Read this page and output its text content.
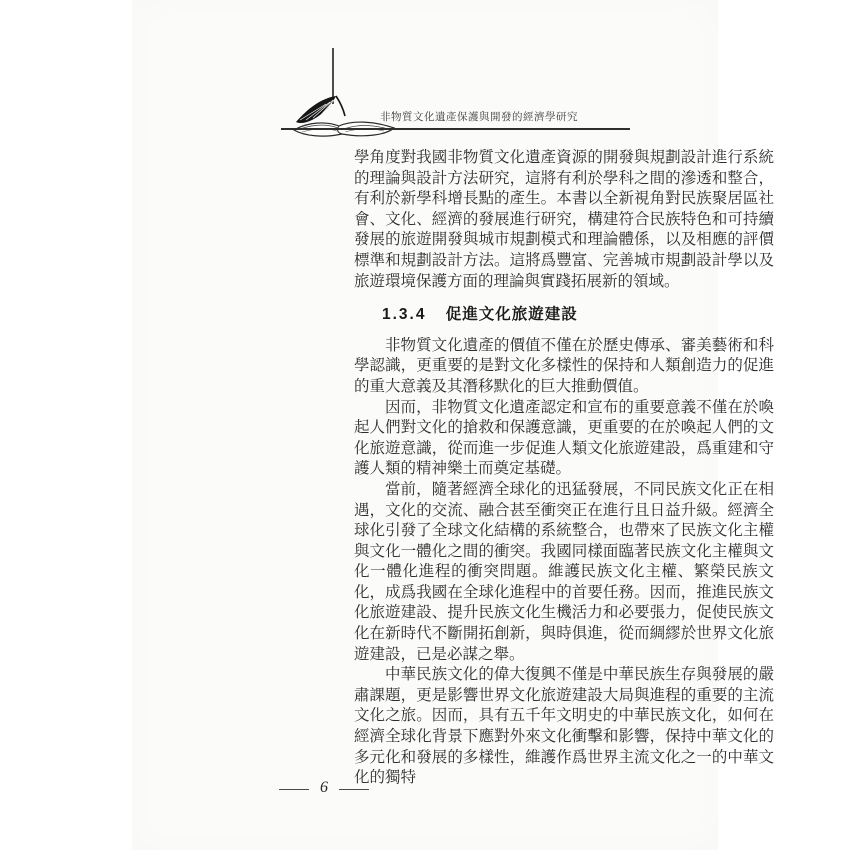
非物質文化遺產保護與開發的經濟學研究

學角度對我國非物質文化遺產資源的開發與規劃設計進行系統的理論與設計方法研究，這將有利於學科之間的滲透和整合，有利於新學科增長點的產生。本書以全新視角對民族聚居區社會、文化、經濟的發展進行研究，構建符合民族特色和可持續發展的旅遊開發與城市規劃模式和理論體係，以及相應的評價標準和規劃設計方法。這將爲豐富、完善城市規劃設計學以及旅遊環境保護方面的理論與實踐拓展新的領域。

1.3.4 促進文化旅遊建設

非物質文化遺產的價值不僅在於歷史傳承、審美藝術和科學認識，更重要的是對文化多樣性的保持和人類創造力的促進的重大意義及其潛移默化的巨大推動價值。

因而，非物質文化遺產認定和宣布的重要意義不僅在於喚起人們對文化的搶救和保護意識，更重要的在於喚起人們的文化旅遊意識，從而進一步促進人類文化旅遊建設，爲重建和守護人類的精神樂土而奠定基礎。

當前，隨著經濟全球化的迅猛發展，不同民族文化正在相遇，文化的交流、融合甚至衝突正在進行且日益升級。經濟全球化引發了全球文化結構的系統整合，也帶來了民族文化主權與文化一體化之間的衝突。我國同樣面臨著民族文化主權與文化一體化進程的衝突問題。維護民族文化主權、繁榮民族文化，成爲我國在全球化進程中的首要任務。因而，推進民族文化旅遊建設、提升民族文化生機活力和必要張力，促使民族文化在新時代不斷開拓創新，與時俱進，從而綢繆於世界文化旅遊建設，已是必謀之舉。

中華民族文化的偉大復興不僅是中華民族生存與發展的嚴肅課題，更是影響世界文化旅遊建設大局與進程的重要的主流文化之旅。因而，具有五千年文明史的中華民族文化，如何在經濟全球化背景下應對外來文化衝擊和影響，保持中華文化的多元化和發展的多樣性，維護作爲世界主流文化之一的中華文化的獨特

6
